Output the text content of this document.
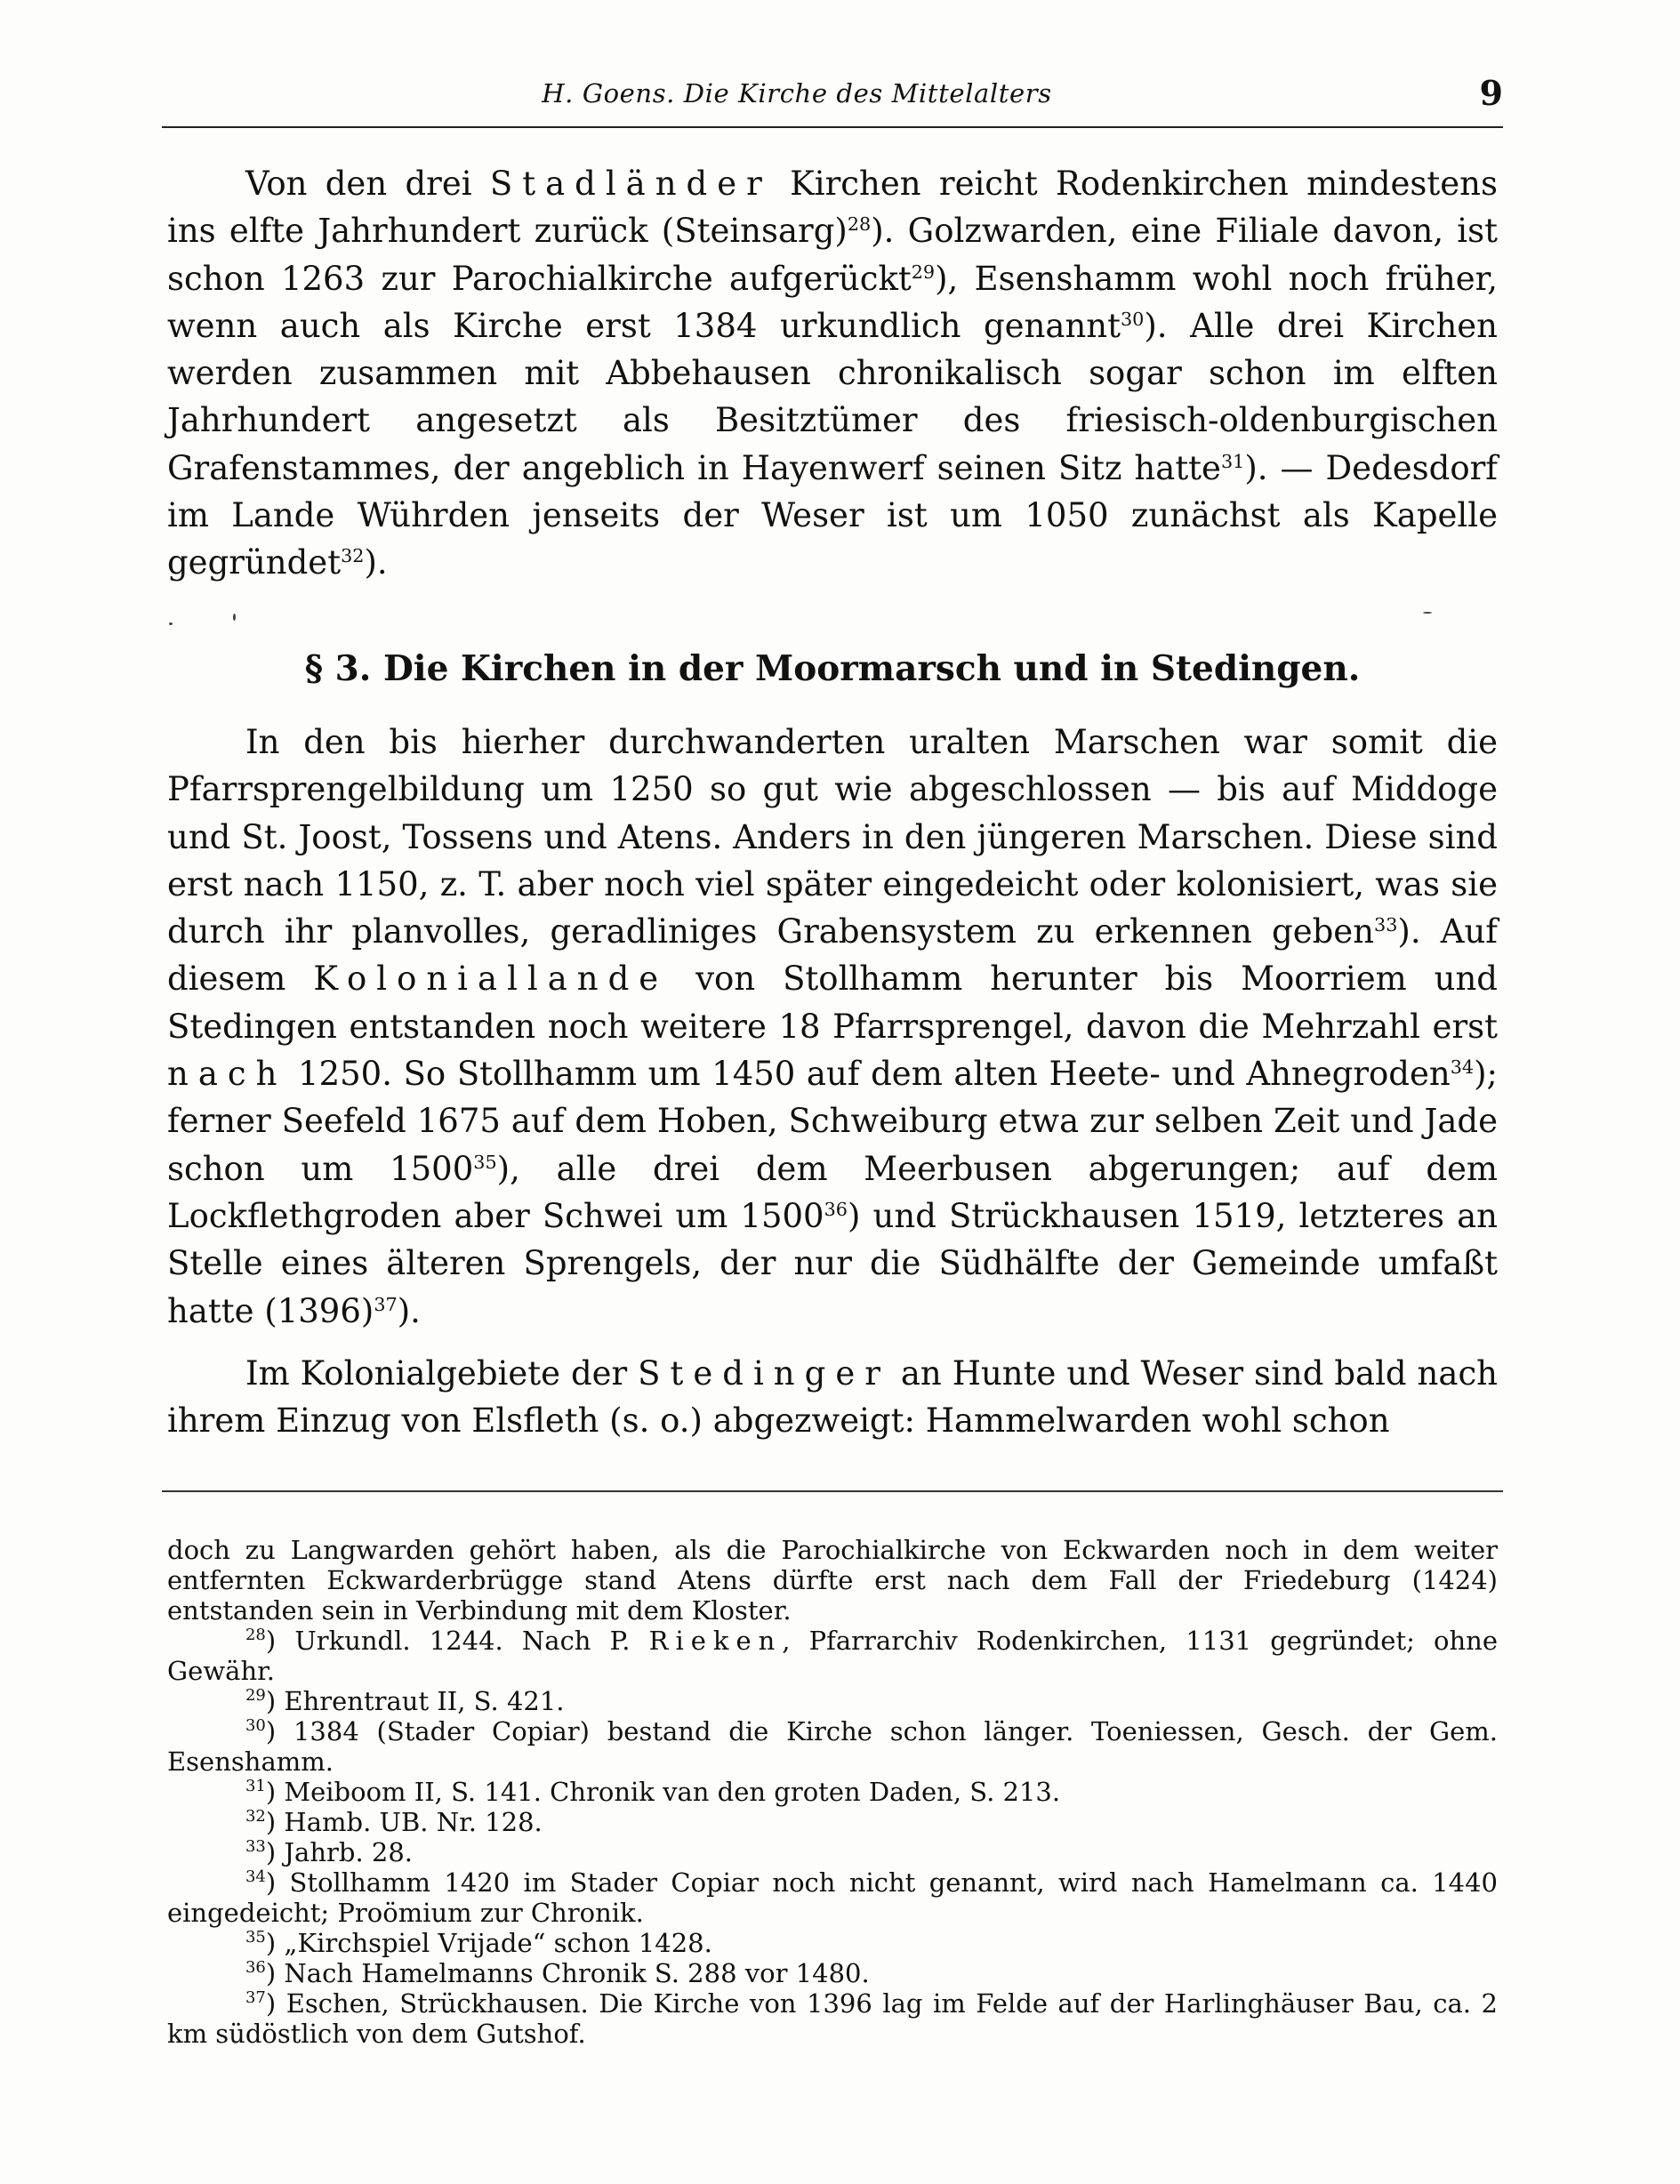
H. Goens. Die Kirche des Mittelalters	9

Von den drei Stadländer Kirchen reicht Rodenkirchen mindestens ins elfte Jahrhundert zurück (Steinsarg)$^{28}$). Golzwarden, eine Filiale davon, ist schon 1263 zur Parochialkirche aufgerückt$^{29}$), Esenshamm wohl noch früher, wenn auch als Kirche erst 1384 urkundlich genannt$^{30}$). Alle drei Kirchen werden zusammen mit Abbehausen chronikalisch sogar schon im elften Jahrhundert angesetzt als Besitztümer des friesisch-oldenburgischen Grafenstammes, der angeblich in Hayenwerf seinen Sitz hatte$^{31}$). — Dedesdorf im Lande Wührden jenseits der Weser ist um 1050 zunächst als Kapelle gegründet$^{32}$).

§ 3. Die Kirchen in der Moormarsch und in Stedingen.

In den bis hierher durchwanderten uralten Marschen war somit die Pfarrsprengelbildung um 1250 so gut wie abgeschlossen — bis auf Middoge und St. Joost, Tossens und Atens. Anders in den jüngeren Marschen. Diese sind erst nach 1150, z. T. aber noch viel später eingedeicht oder kolonisiert, was sie durch ihr planvolles, geradliniges Grabensystem zu erkennen geben$^{33}$). Auf diesem Koloniallande von Stollhamm herunter bis Moorriem und Stedingen entstanden noch weitere 18 Pfarrsprengel, davon die Mehrzahl erst nach 1250. So Stollhamm um 1450 auf dem alten Heete- und Ahnegroden$^{34}$); ferner Seefeld 1675 auf dem Hoben, Schweiburg etwa zur selben Zeit und Jade schon um 1500$^{35}$), alle drei dem Meerbusen abgerungen; auf dem Lockflethgroden aber Schwei um 1500$^{36}$) und Strückhausen 1519, letzteres an Stelle eines älteren Sprengels, der nur die Südhälfte der Gemeinde umfaßt hatte $(1396)^{37}$).

Im Kolonialgebiete der Stedinger an Hunte und Weser sind bald nach ihrem Einzug von Elsfleth (s. o.) abgezweigt: Hammelwarden wohl schon

doch zu Langwarden gehört haben, als die Parochialkirche von Eckwarden noch in dem weiter entfernten Eckwarderbrügge stand Atens dürfte erst nach dem Fall der Friedeburg (1424) entstanden sein in Verbindung mit dem Kloster.

$^{28}$) Urkundl. 1244. Nach P. Rieken, Pfarrarchiv Rodenkirchen, 1131 gegründet; ohne Gewähr.

$^{29}$) Ehrentraut II, S. 421.

$^{30}$) 1384 (Stader Copiar) bestand die Kirche schon länger. Toeniessen, Gesch. der Gem. Esenshamm.

$^{31}$) Meiboom II, S. 141. Chronik van den groten Daden, S. 213.

$^{32}$) Hamb. UB. Nr. 128.

$^{33}$) Jahrb. 28.

$^{34}$) Stollhamm 1420 im Stader Copiar noch nicht genannt, wird nach Hamelmann ca. 1440 eingedeicht; Proömium zur Chronik.

$^{35}$) „Kirchspiel Vrijade“ schon 1428.

$^{36}$) Nach Hamelmanns Chronik S. 288 vor 1480.

$^{37}$) Eschen, Strückhausen. Die Kirche von 1396 lag im Felde auf der Harlinghäuser Bau, ca. 2 km südöstlich von dem Gutshof.
